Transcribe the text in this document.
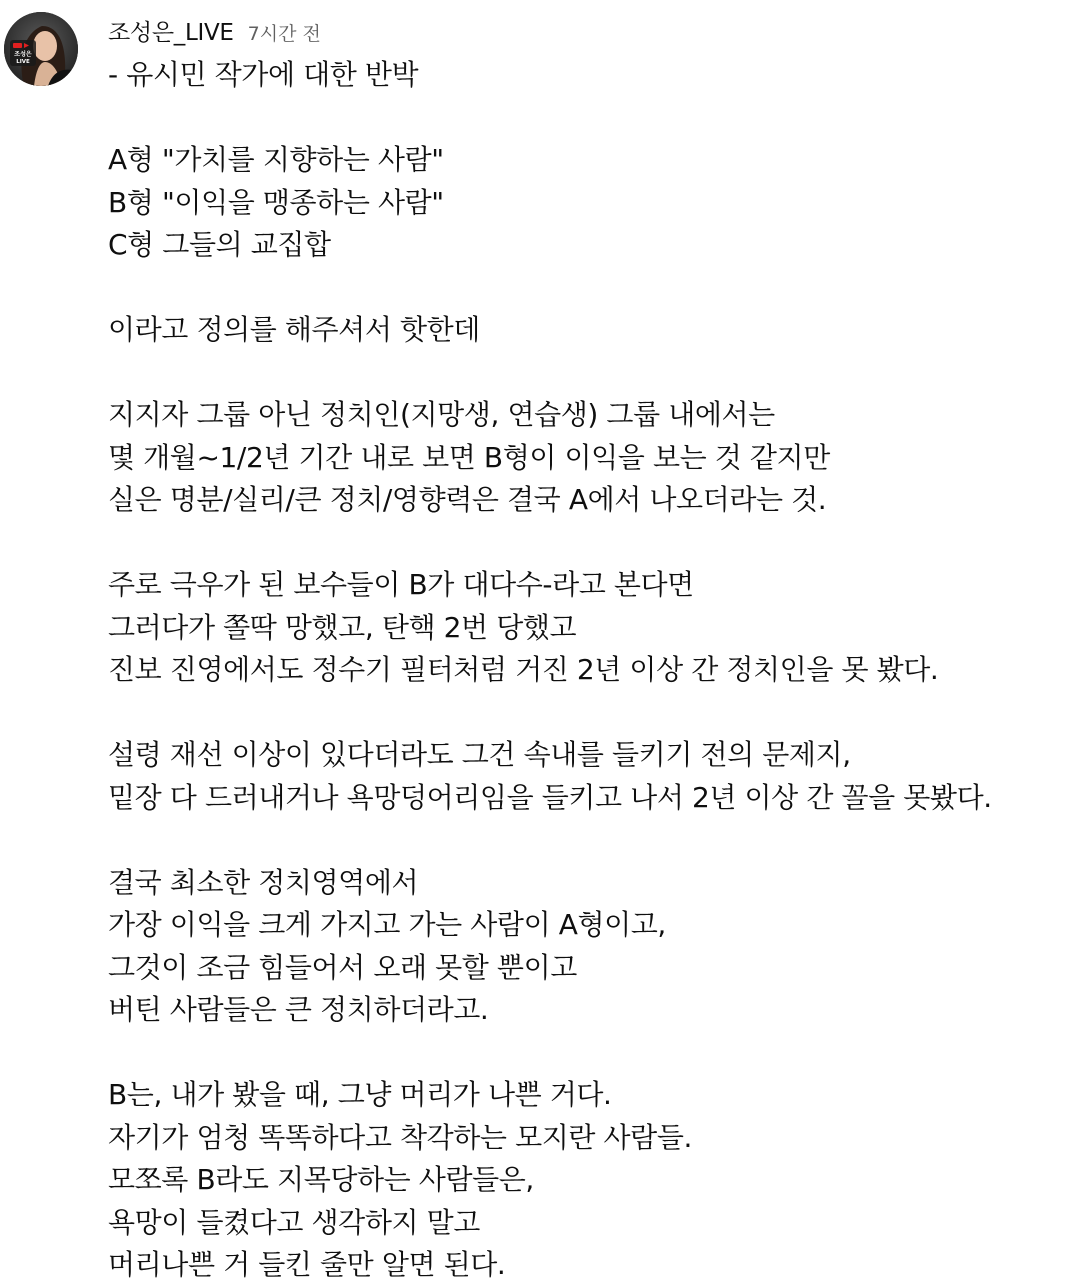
조성은
LIVE
조성은_LIVE 7시간 전
- 유시민 작가에 대한 반박
A형 "가치를 지향하는 사람"
B형 "이익을 맹종하는 사람"
C형 그들의 교집합
이라고 정의를 해주셔서 핫한데
지지자 그룹 아닌 정치인(지망생, 연습생) 그룹 내에서는
몇 개월~1/2년 기간 내로 보면 B형이 이익을 보는 것 같지만
실은 명분/실리/큰 정치/영향력은 결국 A에서 나오더라는 것.
주로 극우가 된 보수들이 B가 대다수-라고 본다면
그러다가 쫄딱 망했고, 탄핵 2번 당했고
진보 진영에서도 정수기 필터처럼 거진 2년 이상 간 정치인을 못 봤다.
설령 재선 이상이 있다더라도 그건 속내를 들키기 전의 문제지,
밑장 다 드러내거나 욕망덩어리임을 들키고 나서 2년 이상 간 꼴을 못봤다.
결국 최소한 정치영역에서
가장 이익을 크게 가지고 가는 사람이 A형이고,
그것이 조금 힘들어서 오래 못할 뿐이고
버틴 사람들은 큰 정치하더라고.
B는, 내가 봤을 때, 그냥 머리가 나쁜 거다.
자기가 엄청 똑똑하다고 착각하는 모지란 사람들.
모쪼록 B라도 지목당하는 사람들은,
욕망이 들켰다고 생각하지 말고
머리나쁜 거 들킨 줄만 알면 된다.
